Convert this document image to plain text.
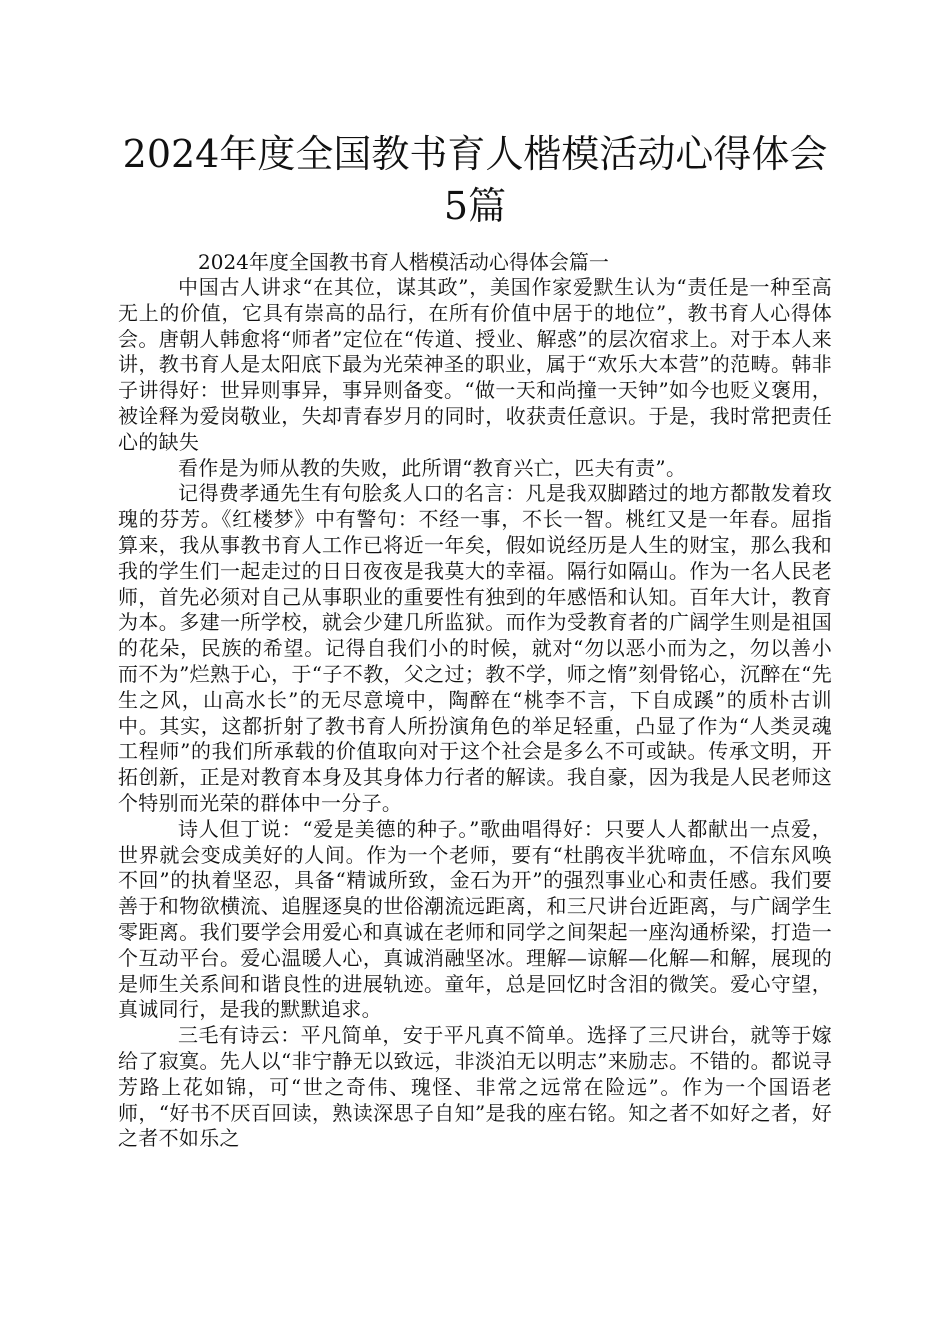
2024年度全国教书育人楷模活动心得体会
5篇

2024年度全国教书育人楷模活动心得体会篇一

中国古人讲求“在其位，谋其政”，美国作家爱默生认为“责任是一种至高无上的价值，它具有崇高的品行，在所有价值中居于的地位”，教书育人心得体会。唐朝人韩愈将“师者”定位在“传道、授业、解惑”的层次宿求上。对于本人来讲，教书育人是太阳底下最为光荣神圣的职业，属于“欢乐大本营”的范畴。韩非子讲得好：世异则事异，事异则备变。“做一天和尚撞一天钟”如今也贬义褒用，被诠释为爱岗敬业，失却青春岁月的同时，收获责任意识。于是，我时常把责任心的缺失

看作是为师从教的失败，此所谓“教育兴亡，匹夫有责”。

记得费孝通先生有句脍炙人口的名言：凡是我双脚踏过的地方都散发着玫瑰的芬芳。《红楼梦》中有警句：不经一事，不长一智。桃红又是一年春。屈指算来，我从事教书育人工作已将近一年矣，假如说经历是人生的财宝，那么我和我的学生们一起走过的日日夜夜是我莫大的幸福。隔行如隔山。作为一名人民老师，首先必须对自己从事职业的重要性有独到的年感悟和认知。百年大计，教育为本。多建一所学校，就会少建几所监狱。而作为受教育者的广阔学生则是祖国的花朵，民族的希望。记得自我们小的时候，就对“勿以恶小而为之，勿以善小而不为”烂熟于心，于“子不教，父之过；教不学，师之惰”刻骨铭心，沉醉在“先生之风，山高水长”的无尽意境中，陶醉在“桃李不言，下自成蹊”的质朴古训中。其实，这都折射了教书育人所扮演角色的举足轻重，凸显了作为“人类灵魂工程师”的我们所承载的价值取向对于这个社会是多么不可或缺。传承文明，开拓创新，正是对教育本身及其身体力行者的解读。我自豪，因为我是人民老师这个特别而光荣的群体中一分子。

诗人但丁说：“爱是美德的种子。”歌曲唱得好：只要人人都献出一点爱，世界就会变成美好的人间。作为一个老师，要有“杜鹃夜半犹啼血，不信东风唤不回”的执着坚忍，具备“精诚所致，金石为开”的强烈事业心和责任感。我们要善于和物欲横流、追腥逐臭的世俗潮流远距离，和三尺讲台近距离，与广阔学生零距离。我们要学会用爱心和真诚在老师和同学之间架起一座沟通桥梁，打造一个互动平台。爱心温暖人心，真诚消融坚冰。理解—谅解—化解—和解，展现的是师生关系间和谐良性的进展轨迹。童年，总是回忆时含泪的微笑。爱心守望，真诚同行，是我的默默追求。

三毛有诗云：平凡简单，安于平凡真不简单。选择了三尺讲台，就等于嫁给了寂寞。先人以“非宁静无以致远，非淡泊无以明志”来励志。不错的。都说寻芳路上花如锦，可“世之奇伟、瑰怪、非常之远常在险远”。作为一个国语老师，“好书不厌百回读，熟读深思子自知”是我的座右铭。知之者不如好之者，好之者不如乐之
